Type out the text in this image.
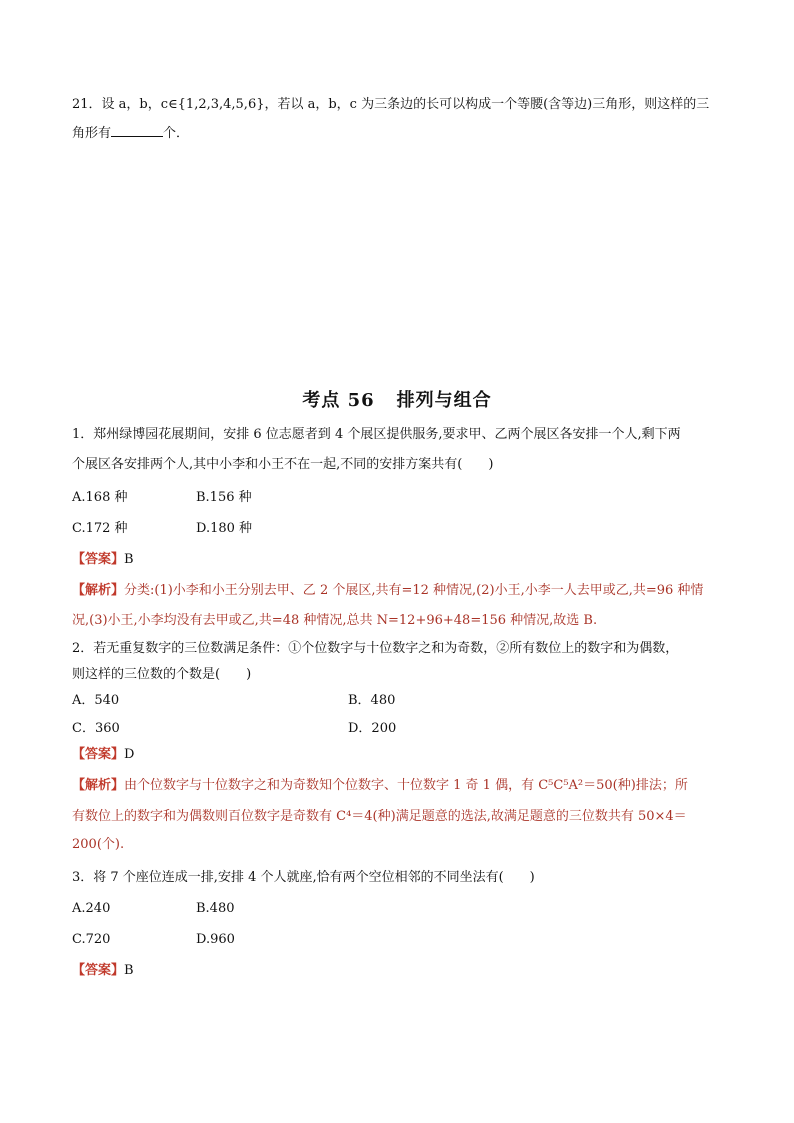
21．设 a，b，c∈{1,2,3,4,5,6}，若以 a，b，c 为三条边的长可以构成一个等腰(含等边)三角形，则这样的三
角形有	个．
考点 56 排列与组合
1．郑州绿博园花展期间，安排 6 位志愿者到 4 个展区提供服务,要求甲、乙两个展区各安排一个人,剩下两
个展区各安排两个人,其中小李和小王不在一起,不同的安排方案共有(　　)
A.168 种	B.156 种
C.172 种	D.180 种
【答案】B
【解析】分类:(1)小李和小王分别去甲、乙 2 个展区,共有=12 种情况,(2)小王,小李一人去甲或乙,共=96 种情
况,(3)小王,小李均没有去甲或乙,共=48 种情况,总共 N=12+96+48=156 种情况,故选 B.
2．若无重复数字的三位数满足条件：①个位数字与十位数字之和为奇数，②所有数位上的数字和为偶数，
则这样的三位数的个数是(　　)
A．540	B．480
C．360	D．200
【答案】D
【解析】由个位数字与十位数字之和为奇数知个位数字、十位数字 1 奇 1 偶，有 C⁵C⁵A²＝50(种)排法；所
有数位上的数字和为偶数则百位数字是奇数有 C⁴＝4(种)满足题意的选法,故满足题意的三位数共有 50×4＝
200(个).
3．将 7 个座位连成一排,安排 4 个人就座,恰有两个空位相邻的不同坐法有(　　)
A.240	B.480
C.720	D.960
【答案】B
